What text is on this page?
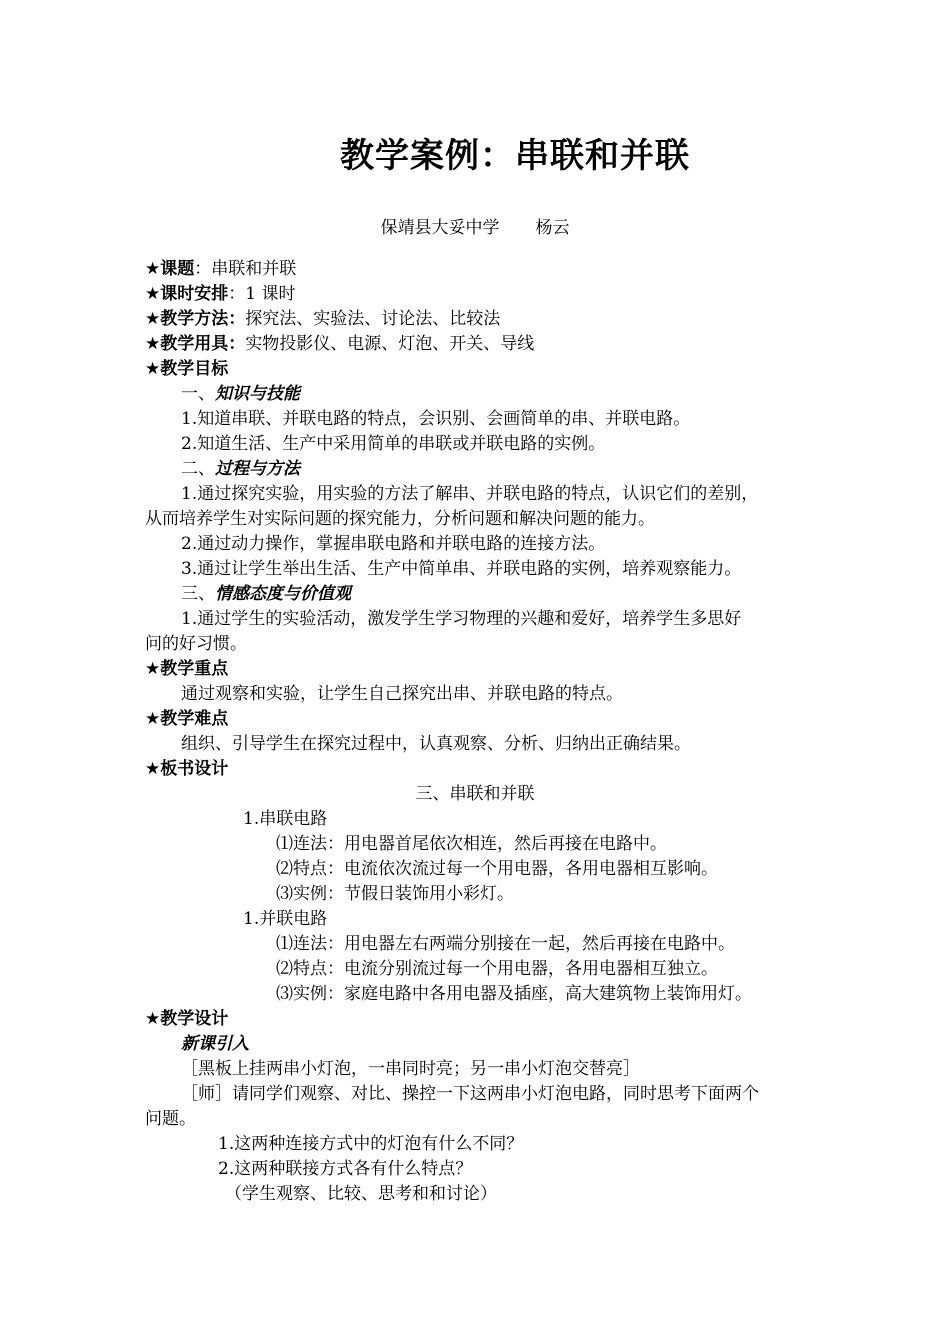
教学案例：串联和并联
保靖县大妥中学 杨云
★课题：串联和并联
★课时安排：1 课时
★教学方法：探究法、实验法、讨论法、比较法
★教学用具：实物投影仪、电源、灯泡、开关、导线
★教学目标
一、知识与技能
1.知道串联、并联电路的特点，会识别、会画简单的串、并联电路。
2.知道生活、生产中采用简单的串联或并联电路的实例。
二、过程与方法
1.通过探究实验，用实验的方法了解串、并联电路的特点，认识它们的差别，
从而培养学生对实际问题的探究能力，分析问题和解决问题的能力。
2.通过动力操作，掌握串联电路和并联电路的连接方法。
3.通过让学生举出生活、生产中简单串、并联电路的实例，培养观察能力。
三、情感态度与价值观
1.通过学生的实验活动，激发学生学习物理的兴趣和爱好，培养学生多思好
问的好习惯。
★教学重点
通过观察和实验，让学生自己探究出串、并联电路的特点。
★教学难点
组织、引导学生在探究过程中，认真观察、分析、归纳出正确结果。
★板书设计
三、串联和并联
1.串联电路
⑴连法：用电器首尾依次相连，然后再接在电路中。
⑵特点：电流依次流过每一个用电器，各用电器相互影响。
⑶实例：节假日装饰用小彩灯。
1.并联电路
⑴连法：用电器左右两端分别接在一起，然后再接在电路中。
⑵特点：电流分别流过每一个用电器，各用电器相互独立。
⑶实例：家庭电路中各用电器及插座，高大建筑物上装饰用灯。
★教学设计
新课引入
［黑板上挂两串小灯泡，一串同时亮；另一串小灯泡交替亮］
［师］请同学们观察、对比、操控一下这两串小灯泡电路，同时思考下面两个
问题。
1.这两种连接方式中的灯泡有什么不同？
2.这两种联接方式各有什么特点？
（学生观察、比较、思考和和讨论）
